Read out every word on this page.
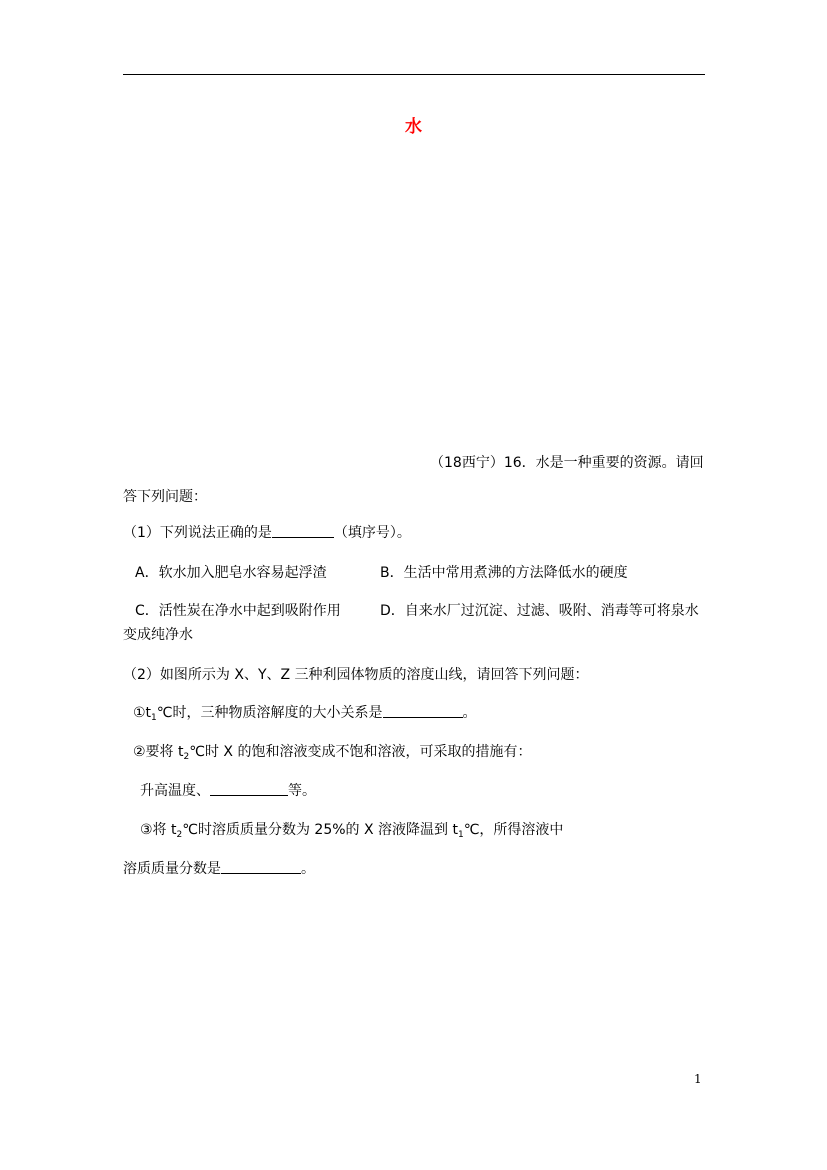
水
（18西宁）16．水是一种重要的资源。请回
答下列问题：
（1）下列说法正确的是	（填序号）。
A．软水加入肥皂水容易起浮渣	B．生活中常用煮沸的方法降低水的硬度
C．活性炭在净水中起到吸附作用	D．自来水厂过沉淀、过滤、吸附、消毒等可将泉水
变成纯净水
（2）如图所示为 X、Y、Z 三种利园体物质的溶度山线，请回答下列问题：
$①t_1℃$时，三种物质溶解度的大小关系是	。
②要将 $t_2℃$时 X 的饱和溶液变成不饱和溶液，可采取的措施有：
升高温度、	等。
③将 $t_2℃$时溶质质量分数为 25%的 X 溶液降温到 $t_1℃$，所得溶液中
溶质质量分数是	。
1
